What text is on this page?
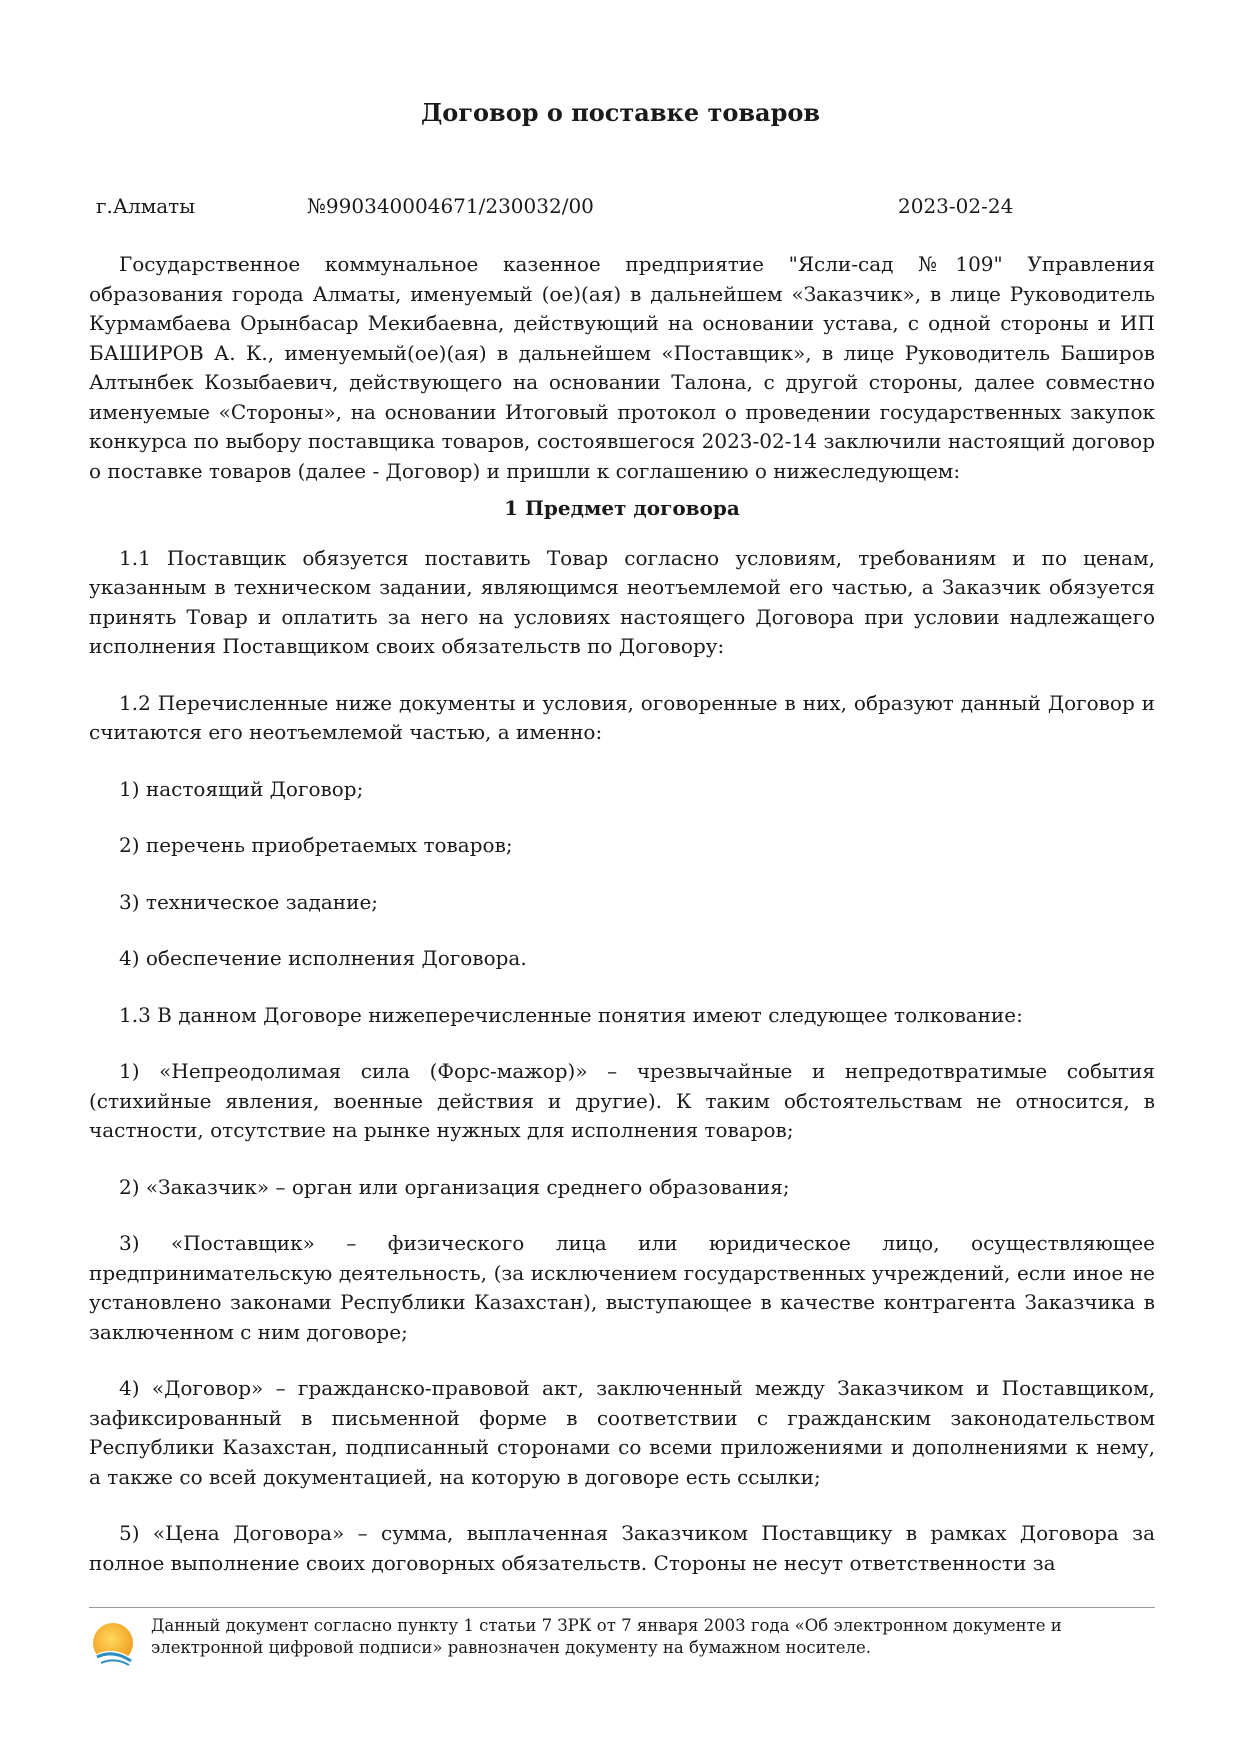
Договор о поставке товаров
г.Алматы	№990340004671/230032/00	2023-02-24

Государственное коммунальное казенное предприятие "Ясли-сад №109" Управления образования города Алматы, именуемый (ое)(ая) в дальнейшем «Заказчик», в лице Руководитель Курмамбаева Орынбасар Мекибаевна, действующий на основании устава, с одной стороны и ИП БАШИРОВ А. К., именуемый(ое)(ая) в дальнейшем «Поставщик», в лице Руководитель Баширов Алтынбек Козыбаевич, действующего на основании Талона, с другой стороны, далее совместно именуемые «Стороны», на основании Итоговый протокол о проведении государственных закупок конкурса по выбору поставщика товаров, состоявшегося 2023-02-14 заключили настоящий договор о поставке товаров (далее - Договор) и пришли к соглашению о нижеследующем:

1 Предмет договора

1.1 Поставщик обязуется поставить Товар согласно условиям, требованиям и по ценам, указанным в техническом задании, являющимся неотъемлемой его частью, а Заказчик обязуется принять Товар и оплатить за него на условиях настоящего Договора при условии надлежащего исполнения Поставщиком своих обязательств по Договору:

1.2 Перечисленные ниже документы и условия, оговоренные в них, образуют данный Договор и считаются его неотъемлемой частью, а именно:

1) настоящий Договор;

2) перечень приобретаемых товаров;

3) техническое задание;

4) обеспечение исполнения Договора.

1.3 В данном Договоре нижеперечисленные понятия имеют следующее толкование:

1) «Непреодолимая сила (Форс-мажор)» – чрезвычайные и непредотвратимые события (стихийные явления, военные действия и другие). К таким обстоятельствам не относится, в частности, отсутствие на рынке нужных для исполнения товаров;

2) «Заказчик» – орган или организация среднего образования;

3) «Поставщик» – физического лица или юридическое лицо, осуществляющее предпринимательскую деятельность, (за исключением государственных учреждений, если иное не установлено законами Республики Казахстан), выступающее в качестве контрагента Заказчика в заключенном с ним договоре;

4) «Договор» – гражданско-правовой акт, заключенный между Заказчиком и Поставщиком, зафиксированный в письменной форме в соответствии с гражданским законодательством Республики Казахстан, подписанный сторонами со всеми приложениями и дополнениями к нему, а также со всей документацией, на которую в договоре есть ссылки;

5) «Цена Договора» – сумма, выплаченная Заказчиком Поставщику в рамках Договора за полное выполнение своих договорных обязательств. Стороны не несут ответственности за

Данный документ согласно пункту 1 статьи 7 ЗРК от 7 января 2003 года «Об электронном документе и электронной цифровой подписи» равнозначен документу на бумажном носителе.
